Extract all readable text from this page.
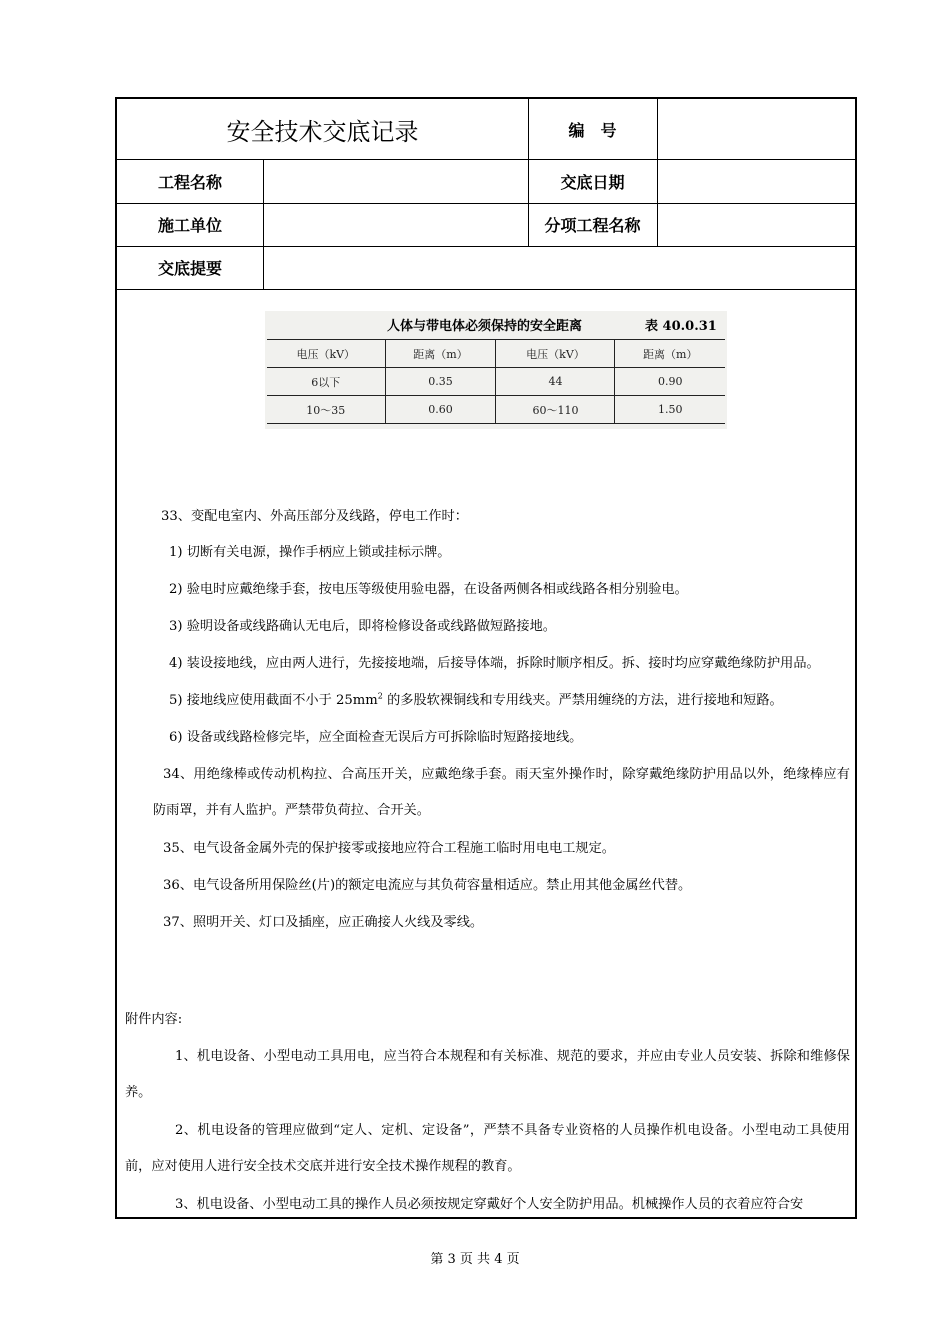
安全技术交底记录	编　号
工程名称	交底日期
施工单位	分项工程名称
交底提要
人体与带电体必须保持的安全距离	表 40.0.31
电压（kV）	距离（m）	电压（kV）	距离（m）
6以下	0.35	44	0.90
10～35	0.60	60～110	1.50
33、变配电室内、外高压部分及线路，停电工作时：
1) 切断有关电源，操作手柄应上锁或挂标示牌。
2) 验电时应戴绝缘手套，按电压等级使用验电器，在设备两侧各相或线路各相分别验电。
3) 验明设备或线路确认无电后，即将检修设备或线路做短路接地。
4) 装设接地线，应由两人进行，先接接地端，后接导体端，拆除时顺序相反。拆、接时均应穿戴绝缘防护用品。
5) 接地线应使用截面不小于 $25mm^2$ 的多股软裸铜线和专用线夹。严禁用缠绕的方法，进行接地和短路。
6) 设备或线路检修完毕，应全面检查无误后方可拆除临时短路接地线。
34、用绝缘棒或传动机构拉、合高压开关，应戴绝缘手套。雨天室外操作时，除穿戴绝缘防护用品以外，绝缘棒应有防雨罩，并有人监护。严禁带负荷拉、合开关。
35、电气设备金属外壳的保护接零或接地应符合工程施工临时用电电工规定。
36、电气设备所用保险丝(片)的额定电流应与其负荷容量相适应。禁止用其他金属丝代替。
37、照明开关、灯口及插座，应正确接人火线及零线。
附件内容:
1、机电设备、小型电动工具用电，应当符合本规程和有关标准、规范的要求，并应由专业人员安装、拆除和维修保养。
2、机电设备的管理应做到“定人、定机、定设备”，严禁不具备专业资格的人员操作机电设备。小型电动工具使用前，应对使用人进行安全技术交底并进行安全技术操作规程的教育。
3、机电设备、小型电动工具的操作人员必须按规定穿戴好个人安全防护用品。机械操作人员的衣着应符合安
第 3 页 共 4 页
